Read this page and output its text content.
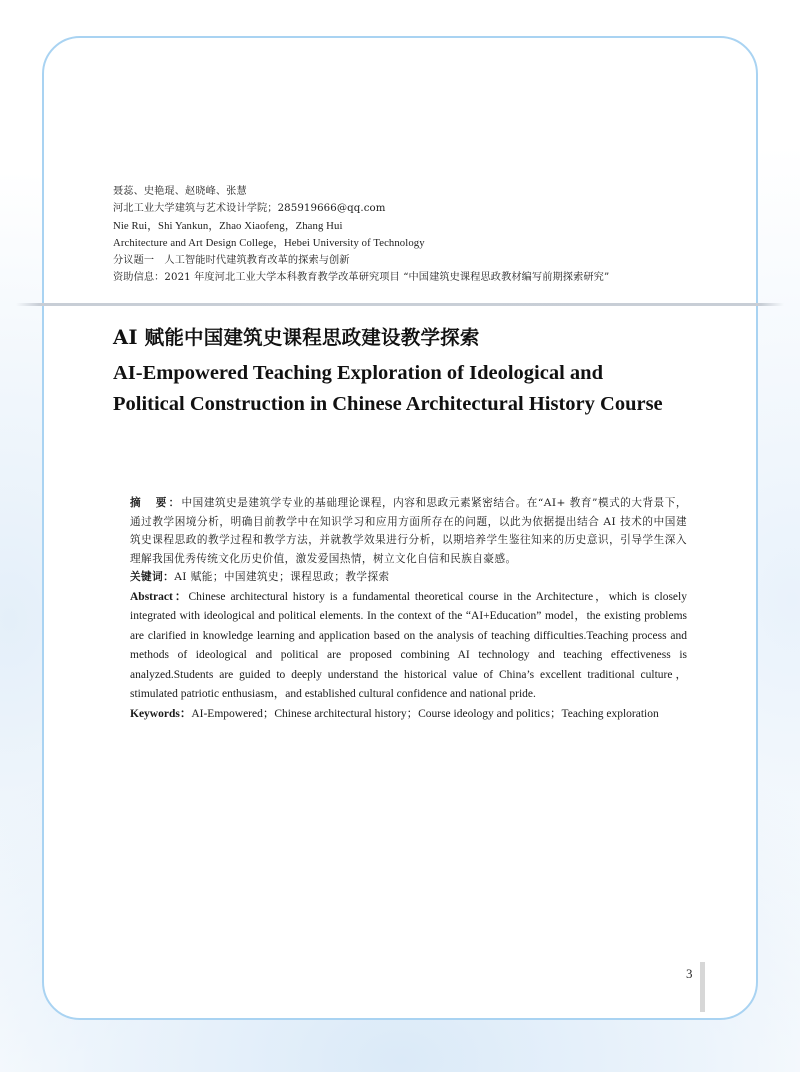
聂蕊、史艳琨、赵晓峰、张慧
河北工业大学建筑与艺术设计学院；285919666@qq.com
Nie Rui，Shi Yankun，Zhao Xiaofeng，Zhang Hui
Architecture and Art Design College，Hebei University of Technology
分议题一　人工智能时代建筑教育改革的探索与创新
资助信息：2021 年度河北工业大学本科教育教学改革研究项目 “中国建筑史课程思政教材编写前期探索研究”
AI 赋能中国建筑史课程思政建设教学探索
AI-Empowered Teaching Exploration of Ideological and Political Construction in Chinese Architectural History Course
摘　要：中国建筑史是建筑学专业的基础理论课程，内容和思政元素紧密结合。在“AI+ 教育”模式的大背景下，通过教学困境分析，明确目前教学中在知识学习和应用方面所存在的问题，以此为依据提出结合 AI 技术的中国建筑史课程思政的教学过程和教学方法，并就教学效果进行分析，以期培养学生鉴往知来的历史意识，引导学生深入理解我国优秀传统文化历史价值，激发爱国热情，树立文化自信和民族自豪感。
关键词：AI 赋能；中国建筑史；课程思政；教学探索
Abstract：Chinese architectural history is a fundamental theoretical course in the Architecture，which is closely integrated with ideological and political elements. In the context of the “AI+Education” model，the existing problems are clarified in knowledge learning and application based on the analysis of teaching difficulties.Teaching process and methods of ideological and political are proposed combining AI technology and teaching effectiveness is analyzed.Students are guided to deeply understand the historical value of China’s excellent traditional culture，stimulated patriotic enthusiasm，and established cultural confidence and national pride.
Keywords：AI-Empowered；Chinese architectural history；Course ideology and politics；Teaching exploration
3
